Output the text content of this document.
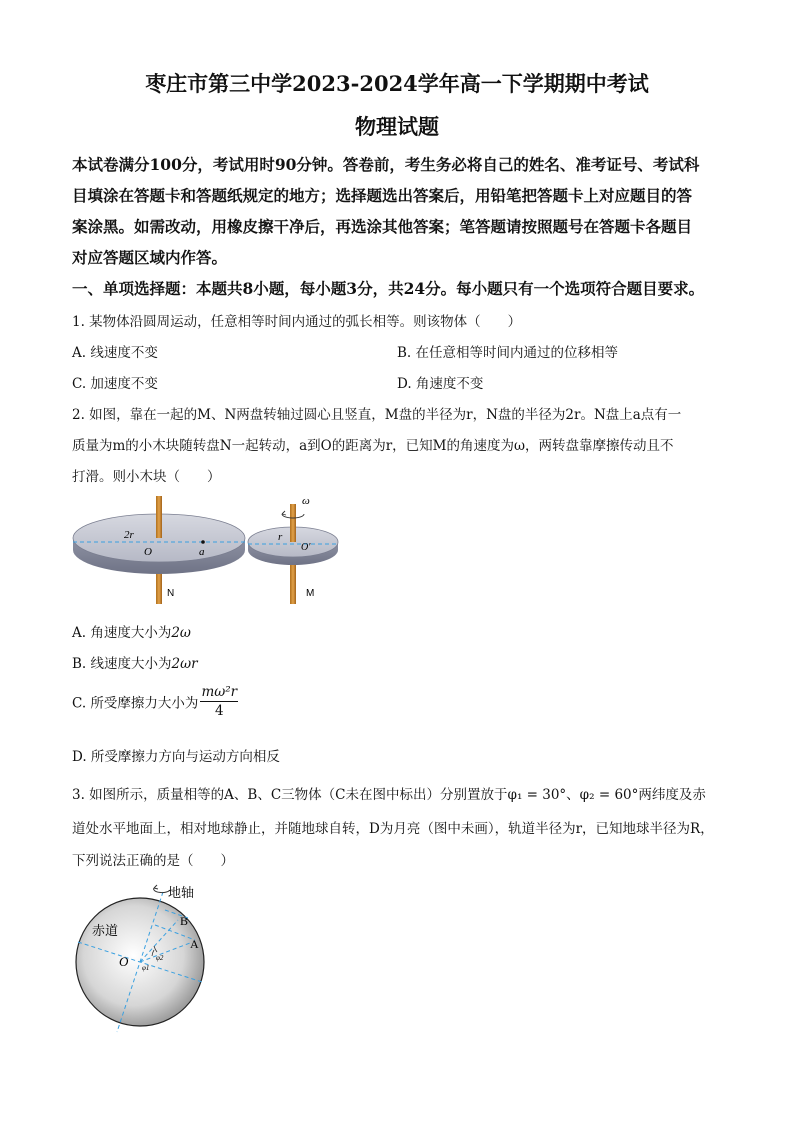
枣庄市第三中学2023-2024学年高一下学期期中考试
物理试题
本试卷满分100分，考试用时90分钟。答卷前，考生务必将自己的姓名、准考证号、考试科
目填涂在答题卡和答题纸规定的地方；选择题选出答案后，用铅笔把答题卡上对应题目的答
案涂黑。如需改动，用橡皮擦干净后，再选涂其他答案；笔答题请按照题号在答题卡各题目
对应答题区域内作答。
一、单项选择题：本题共8小题，每小题3分，共24分。每小题只有一个选项符合题目要求。
1. 某物体沿圆周运动，任意相等时间内通过的弧长相等。则该物体（　　）
A. 线速度不变	B. 在任意相等时间内通过的位移相等
C. 加速度不变	D. 角速度不变
2. 如图，靠在一起的M、N两盘转轴过圆心且竖直，M盘的半径为r，N盘的半径为2r。N盘上a点有一
质量为m的小木块随转盘N一起转动，a到O的距离为r，已知M的角速度为ω，两转盘靠摩擦传动且不
打滑。则小木块（　　）
2r
O	a
r
O′
ω
N	M
A. 角速度大小为2ω
B. 线速度大小为2ωr
C. 所受摩擦力大小为 $\frac{\text{mω²r}}{4}$
D. 所受摩擦力方向与运动方向相反
3. 如图所示，质量相等的A、B、C三物体（C未在图中标出）分别置放于φ₁ = 30°、φ₂ = 60°两纬度及赤
道处水平地面上，相对地球静止，并随地球自转，D为月亮（图中未画），轨道半径为r，已知地球半径为R，
下列说法正确的是（　　）
地轴
赤道
B
A
O φ1
φ2
